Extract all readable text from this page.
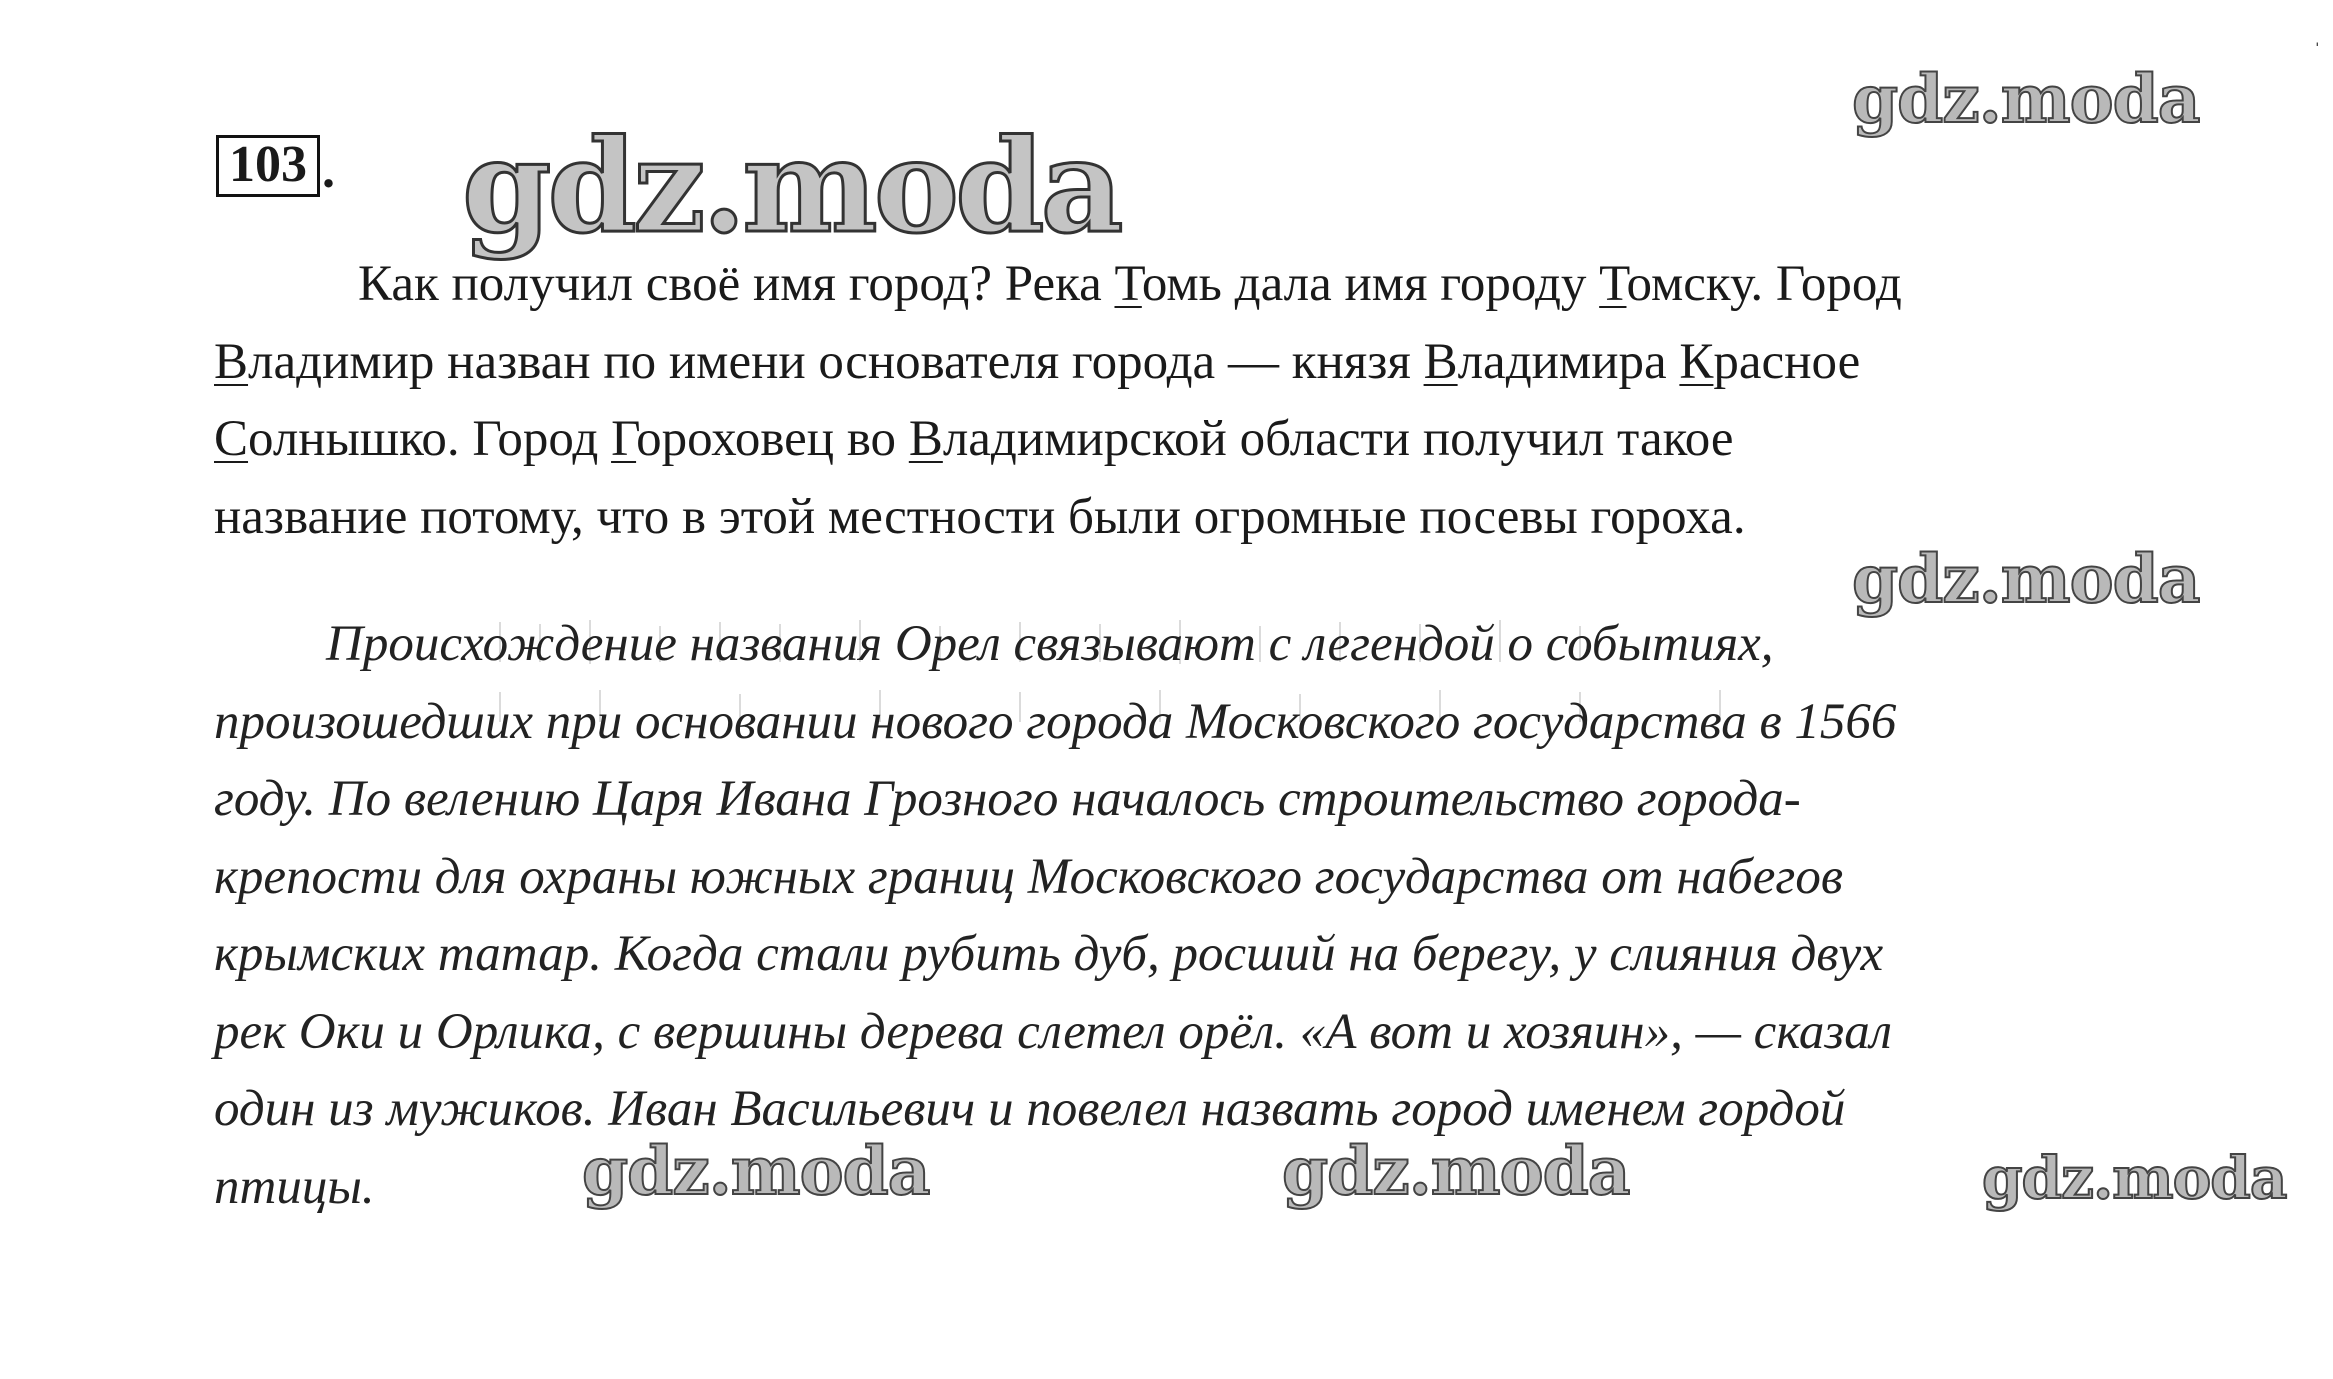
ˈ
103 .
Как получил своё имя город? Река Томь дала имя городу Томску. Город
Владимир назван по имени основателя города — князя Владимира Красное
Солнышко. Город Гороховец во Владимирской области получил такое
название потому, что в этой местности были огромные посевы гороха.
Происхождение названия Орел связывают с легендой о событиях,
произошедших при основании нового города Московского государства в 1566
году. По велению Царя Ивана Грозного началось строительство города-
крепости для охраны южных границ Московского государства от набегов
крымских татар. Когда стали рубить дуб, росший на берегу, у слияния двух
рек Оки и Орлика, с вершины дерева слетел орёл. «А вот и хозяин», — сказал
один из мужиков. Иван Васильевич и повелел назвать город именем гордой
птицы.
gdz.moda
gdz.moda
gdz.moda
gdz.moda	gdz.moda	gdz.moda
